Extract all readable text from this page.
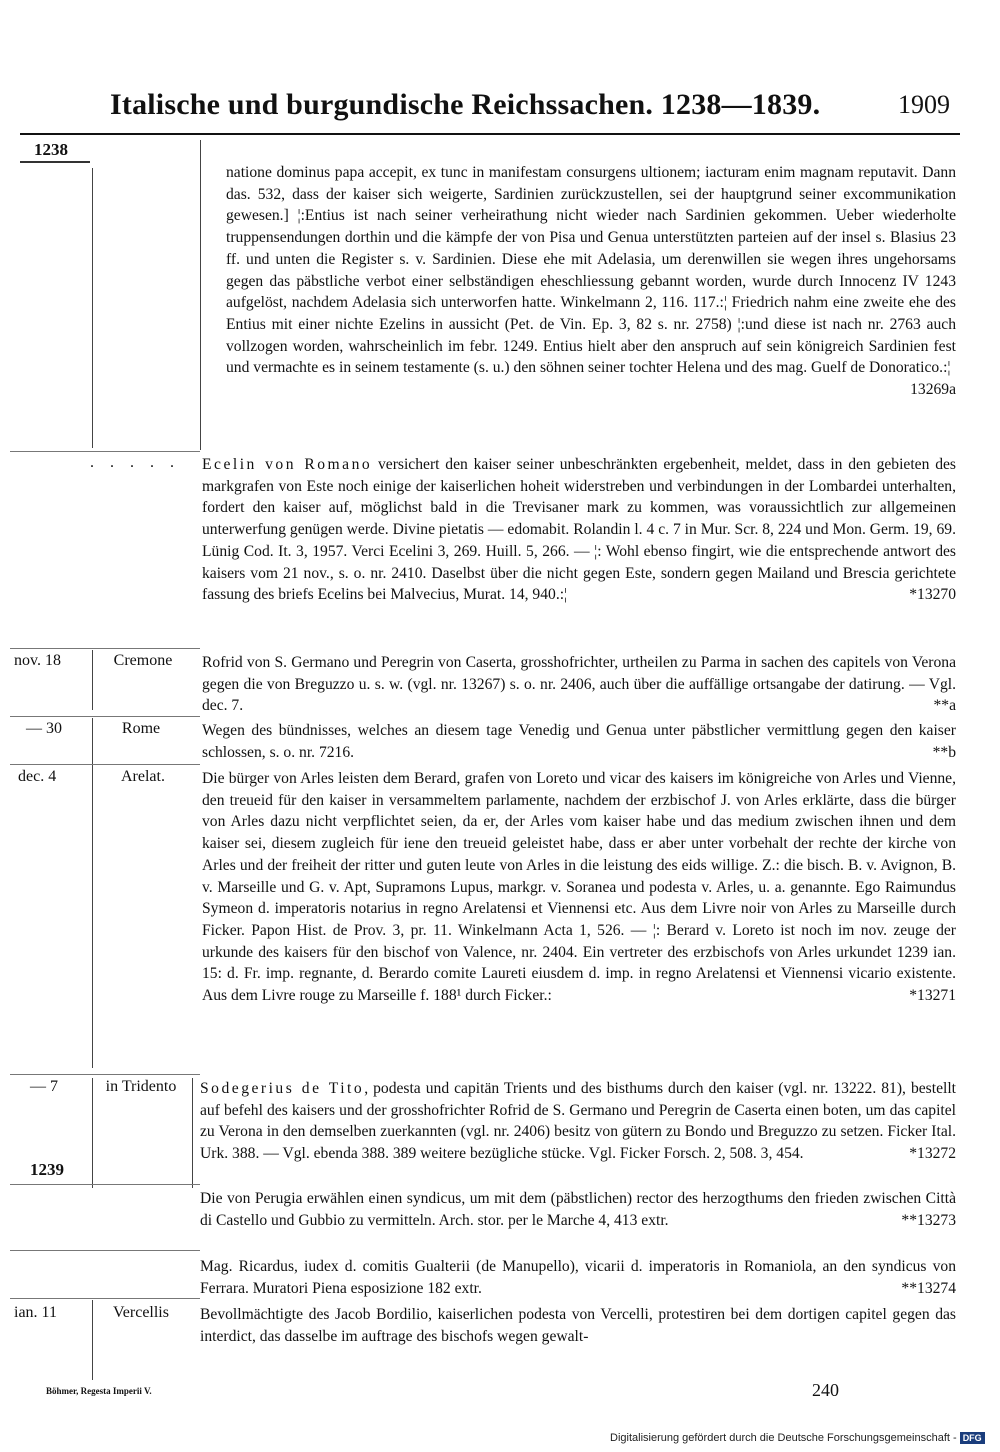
Italische und burgundische Reichssachen. 1238—1839.	1909
1238

natione dominus papa accepit, ex tunc in manifestam consurgens ultionem; iacturam enim magnam reputavit. Dann das. 532, dass der kaiser sich weigerte, Sardinien zurückzustellen, sei der hauptgrund seiner excommunikation gewesen.] ¦:Entius ist nach seiner verheirathung nicht wieder nach Sardinien gekommen. Ueber wiederholte truppensendungen dorthin und die kämpfe der von Pisa und Genua unterstützten parteien auf der insel s. Blasius 23 ff. und unten die Register s. v. Sardinien. Diese ehe mit Adelasia, um derenwillen sie wegen ihres ungehorsams gegen das päbstliche verbot einer selbständigen eheschliessung gebannt worden, wurde durch Innocenz IV 1243 aufgelöst, nachdem Adelasia sich unterworfen hatte. Winkelmann 2, 116. 117.:¦ Friedrich nahm eine zweite ehe des Entius mit einer nichte Ezelins in aussicht (Pet. de Vin. Ep. 3, 82 s. nr. 2758) ¦:und diese ist nach nr. 2763 auch vollzogen worden, wahrscheinlich im febr. 1249. Entius hielt aber den anspruch auf sein königreich Sardinien fest und vermachte es in seinem testamente (s. u.) den söhnen seiner tochter Helena und des mag. Guelf de Donoratico.:¦
13269a

. . . . . Ecelin von Romano versichert den kaiser seiner unbeschränkten ergebenheit, meldet, dass in den gebieten des markgrafen von Este noch einige der kaiserlichen hoheit widerstreben und verbindungen in der Lombardei unterhalten, fordert den kaiser auf, möglichst bald in die Trevisaner mark zu kommen, was voraussichtlich zur allgemeinen unterwerfung genügen werde. Divine pietatis — edomabit. Rolandin l. 4 c. 7 in Mur. Scr. 8, 224 und Mon. Germ. 19, 69. Lünig Cod. It. 3, 1957. Verci Ecelini 3, 269. Huill. 5, 266. — ¦: Wohl ebenso fingirt, wie die entsprechende antwort des kaisers vom 21 nov., s. o. nr. 2410. Daselbst über die nicht gegen Este, sondern gegen Mailand und Brescia gerichtete fassung des briefs Ecelins bei Malvecius, Murat. 14, 940.:¦	*13270

nov. 18	Cremone	Rofrid von S. Germano und Peregrin von Caserta, grosshofrichter, urtheilen zu Parma in sachen des capitels von Verona gegen die von Breguzzo u. s. w. (vgl. nr. 13267) s. o. nr. 2406, auch über die auffällige ortsangabe der datirung. — Vgl. dec. 7.	**a

— 30	Rome	Wegen des bündnisses, welches an diesem tage Venedig und Genua unter päbstlicher vermittlung gegen den kaiser schlossen, s. o. nr. 7216.	**b

dec. 4	Arelat.	Die bürger von Arles leisten dem Berard, grafen von Loreto und vicar des kaisers im königreiche von Arles und Vienne, den treueid für den kaiser in versammeltem parlamente, nachdem der erzbischof J. von Arles erklärte, dass die bürger von Arles dazu nicht verpflichtet seien, da er, der Arles vom kaiser habe und das medium zwischen ihnen und dem kaiser sei, diesem zugleich für iene den treueid geleistet habe, dass er aber unter vorbehalt der rechte der kirche von Arles und der freiheit der ritter und guten leute von Arles in die leistung des eids willige. Z.: die bisch. B. v. Avignon, B. v. Marseille und G. v. Apt, Supramons Lupus, markgr. v. Soranea und podesta v. Arles, u. a. genannte. Ego Raimundus Symeon d. imperatoris notarius in regno Arelatensi et Viennensi etc. Aus dem Livre noir von Arles zu Marseille durch Ficker. Papon Hist. de Prov. 3, pr. 11. Winkelmann Acta 1, 526. — ¦: Berard v. Loreto ist noch im nov. zeuge der urkunde des kaisers für den bischof von Valence, nr. 2404. Ein vertreter des erzbischofs von Arles urkundet 1239 ian. 15: d. Fr. imp. regnante, d. Berardo comite Laureti eiusdem d. imp. in regno Arelatensi et Viennensi vicario existente. Aus dem Livre rouge zu Marseille f. 188¹ durch Ficker.:	*13271

— 7	in Tridento	Sodegerius de Tito, podesta und capitän Trients und des bisthums durch den kaiser (vgl. nr. 13222. 81), bestellt auf befehl des kaisers und der grosshofrichter Rofrid de S. Germano und Peregrin de Caserta einen boten, um das capitel zu Verona in den demselben zuerkannten (vgl. nr. 2406) besitz von gütern zu Bondo und Breguzzo zu setzen. Ficker Ital. Urk. 388. — Vgl. ebenda 388. 389 weitere bezügliche stücke. Vgl. Ficker Forsch. 2, 508. 3, 454.	*13272

1239

Die von Perugia erwählen einen syndicus, um mit dem (päbstlichen) rector des herzogthums den frieden zwischen Città di Castello und Gubbio zu vermitteln. Arch. stor. per le Marche 4, 413 extr.	**13273

Mag. Ricardus, iudex d. comitis Gualterii (de Manupello), vicarii d. imperatoris in Romaniola, an den syndicus von Ferrara. Muratori Piena esposizione 182 extr.	**13274

ian. 11	Vercellis	Bevollmächtigte des Jacob Bordilio, kaiserlichen podesta von Vercelli, protestiren bei dem dortigen capitel gegen das interdict, das dasselbe im auftrage des bischofs wegen gewalt-

Böhmer, Regesta Imperii V.	240
Digitalisierung gefördert durch die Deutsche Forschungsgemeinschaft - DFG
